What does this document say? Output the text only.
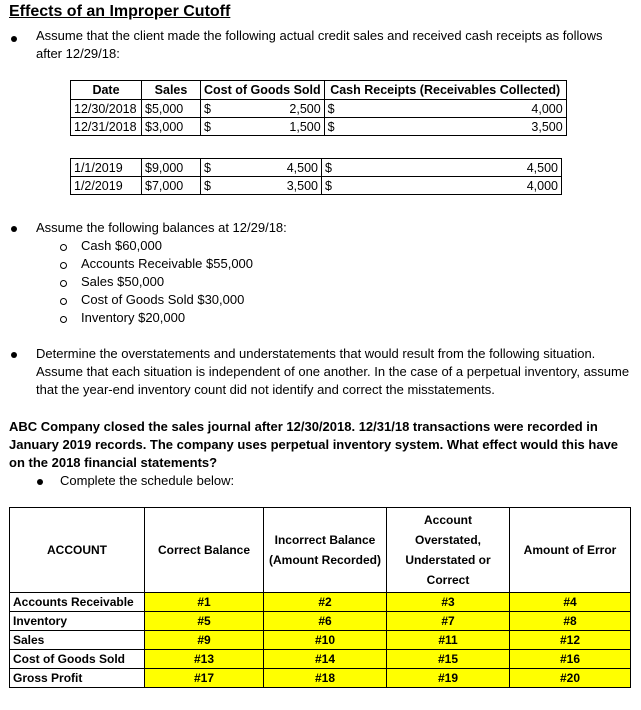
Effects of an Improper Cutoff
Assume that the client made the following actual credit sales and received cash receipts as follows after 12/29/18:
Date	Sales	Cost of Goods Sold		Cash Receipts (Receivables Collected)	
12/30/2018	$5,000	$	2,500	$	4,000
12/31/2018	$3,000	$	1,500	$	3,500
1/1/2019	$9,000	$	4,500	$	4,500
1/2/2019	$7,000	$	3,500	$	4,000
Assume the following balances at 12/29/18:
Cash $60,000
Accounts Receivable $55,000
Sales $50,000
Cost of Goods Sold $30,000
Inventory $20,000
Determine the overstatements and understatements that would result from the following situation. Assume that each situation is independent of one another. In the case of a perpetual inventory, assume that the year-end inventory count did not identify and correct the misstatements.
ABC Company closed the sales journal after 12/30/2018. 12/31/18 transactions were recorded in January 2019 records. The company uses perpetual inventory system. What effect would this have on the 2018 financial statements?
Complete the schedule below:
ACCOUNT	Correct Balance	Incorrect Balance (Amount Recorded)	Account Overstated, Understated or Correct	Amount of Error
Accounts Receivable	#1	#2	#3	#4
Inventory	#5	#6	#7	#8
Sales	#9	#10	#11	#12
Cost of Goods Sold	#13	#14	#15	#16
Gross Profit	#17	#18	#19	#20
